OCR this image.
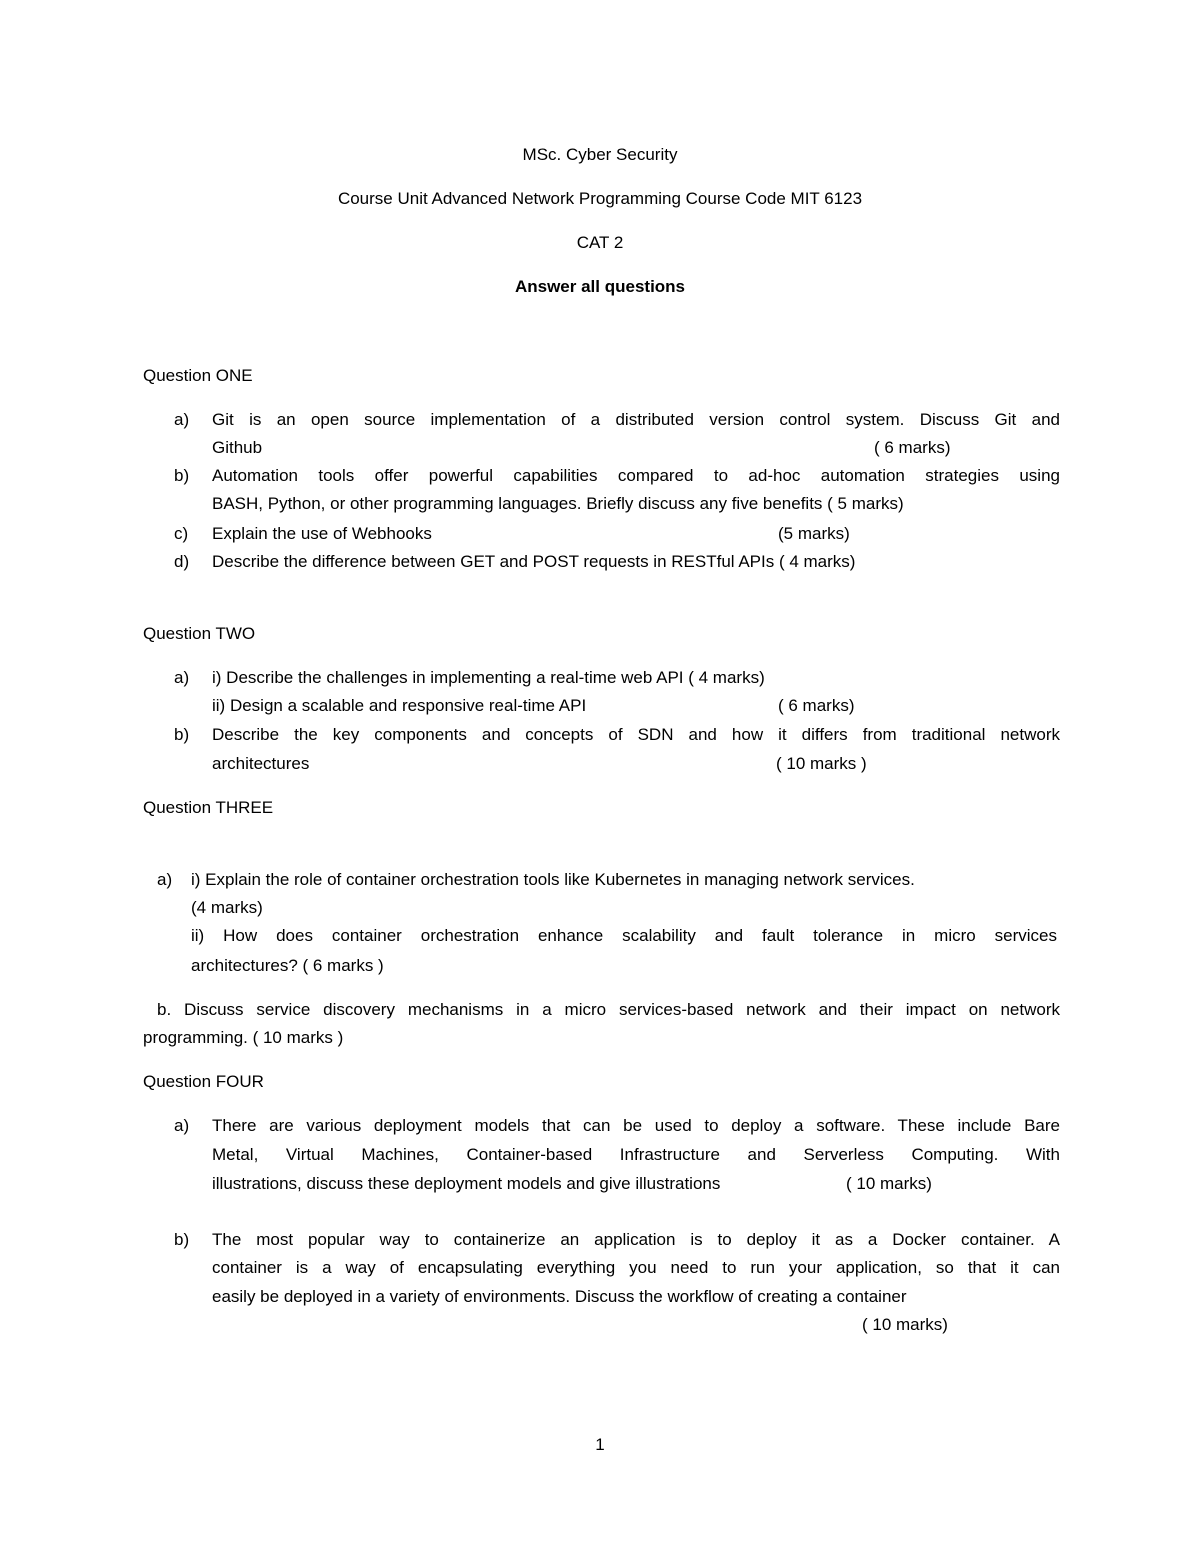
MSc. Cyber Security
Course Unit Advanced Network Programming Course Code MIT 6123
CAT 2
Answer all questions
Question ONE
a) Git is an open source implementation of a distributed version control system. Discuss Git and
Github	( 6 marks)
b) Automation tools offer powerful capabilities compared to ad-hoc automation strategies using
BASH, Python, or other programming languages. Briefly discuss any five benefits ( 5 marks)
c) Explain the use of Webhooks	(5 marks)
d) Describe the difference between GET and POST requests in RESTful APIs ( 4 marks)
Question TWO
a) i) Describe the challenges in implementing a real-time web API ( 4 marks)
ii) Design a scalable and responsive real-time API	( 6 marks)
b) Describe the key components and concepts of SDN and how it differs from traditional network
architectures	( 10 marks )
Question THREE
a) i) Explain the role of container orchestration tools like Kubernetes in managing network services.
(4 marks)
ii) How does container orchestration enhance scalability and fault tolerance in micro services
architectures? ( 6 marks )
b. Discuss service discovery mechanisms in a micro services-based network and their impact on network
programming. ( 10 marks )
Question FOUR
a) There are various deployment models that can be used to deploy a software. These include Bare
Metal, Virtual Machines, Container-based Infrastructure and Serverless Computing. With
illustrations, discuss these deployment models and give illustrations	( 10 marks)
b) The most popular way to containerize an application is to deploy it as a Docker container. A
container is a way of encapsulating everything you need to run your application, so that it can
easily be deployed in a variety of environments. Discuss the workflow of creating a container
( 10 marks)
1
